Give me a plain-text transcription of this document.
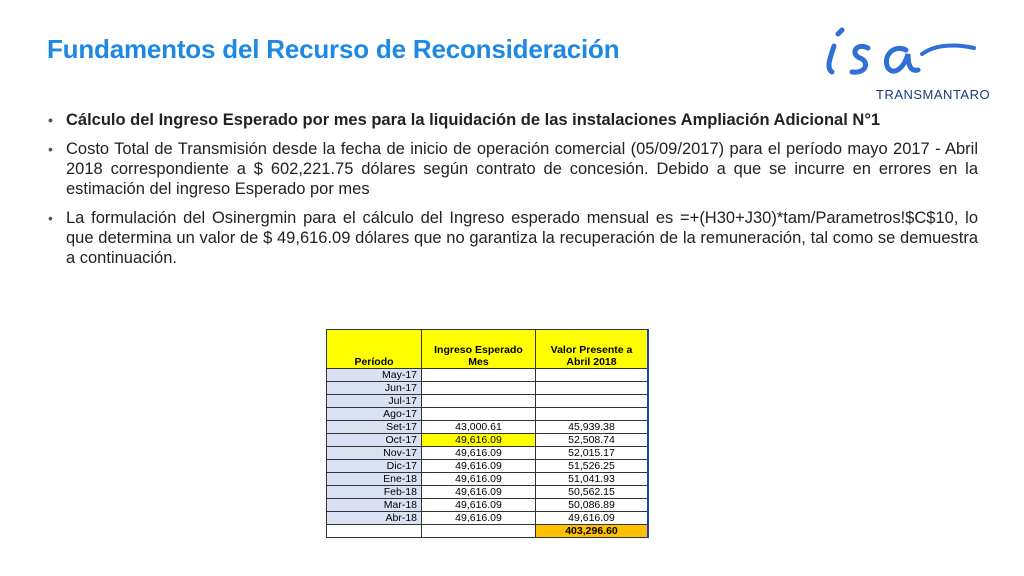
Fundamentos del Recurso de Reconsideración
isa
TRANSMANTARO
• Cálculo del Ingreso Esperado por mes para la liquidación de las instalaciones Ampliación Adicional N°1
• Costo Total de Transmisión desde la fecha de inicio de operación comercial (05/09/2017) para el período mayo 2017 - Abril 2018 correspondiente a $ 602,221.75 dólares según contrato de concesión. Debido a que se incurre en errores en la estimación del ingreso Esperado por mes
• La formulación del Osinergmin para el cálculo del Ingreso esperado mensual es =+(H30+J30)*tam/Parametros!$C$10, lo que determina un valor de $ 49,616.09 dólares que no garantiza la recuperación de la remuneración, tal como se demuestra a continuación.
Período	Ingreso Esperado Mes	Valor Presente a Abril 2018
May-17		
Jun-17		
Jul-17		
Ago-17		
Set-17	43,000.61	45,939.38
Oct-17	49,616.09	52,508.74
Nov-17	49,616.09	52,015.17
Dic-17	49,616.09	51,526.25
Ene-18	49,616.09	51,041.93
Feb-18	49,616.09	50,562.15
Mar-18	49,616.09	50,086.89
Abr-18	49,616.09	49,616.09
		403,296.60
